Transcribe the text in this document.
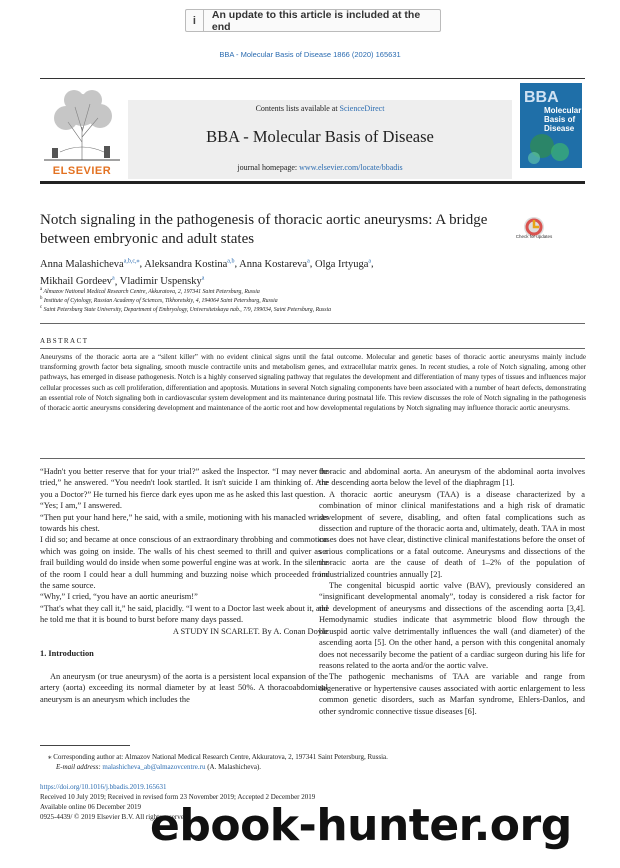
i	An update to this article is included at the end
BBA - Molecular Basis of Disease 1866 (2020) 165631
ELSEVIER
Contents lists available at ScienceDirect
BBA - Molecular Basis of Disease
journal homepage: www.elsevier.com/locate/bbadis
BBA
Molecular Basis of Disease
Notch signaling in the pathogenesis of thoracic aortic aneurysms: A bridge between embryonic and adult states	Check for updates
Anna Malashicheva$^{a,b,c,⁎}$, Aleksandra Kostina$^{a,b}$, Anna Kostareva$^a$, Olga Irtyuga$^a$,
Mikhail Gordeev$^a$, Vladimir Uspensky$^a$
$^a$ Almazov National Medical Research Centre, Akkuratova, 2, 197341 Saint Petersburg, Russia
$^b$ Institute of Cytology, Russian Academy of Sciences, Tikhoretskiy, 4, 194064 Saint Petersburg, Russia
$^c$ Saint Petersburg State University, Department of Embryology, Universitetskaya nab., 7/9, 199034, Saint Petersburg, Russia
ABSTRACT
Aneurysms of the thoracic aorta are a “silent killer” with no evident clinical signs until the fatal outcome. Molecular and genetic bases of thoracic aortic aneurysms mainly include transforming growth factor beta signaling, smooth muscle contractile units and metabolism genes, and extracellular matrix genes. In recent studies, a role of Notch signaling, among other pathways, has emerged in disease pathogenesis. Notch is a highly conserved signaling pathway that regulates the development and differentiation of many types of tissues and influences major cellular processes such as cell proliferation, differentiation and apoptosis. Mutations in several Notch signaling components have been associated with a number of heart defects, demonstrating an essential role of Notch signaling both in cardiovascular system development and its maintenance during postnatal life. This review discusses the role of Notch signaling in the pathogenesis of thoracic aortic aneurysms considering development and maintenance of the aortic root and how developmental regulations by Notch signaling may influence thoracic aortic aneurysms.

“Hadn't you better reserve that for your trial?” asked the Inspector. “I may never be tried,” he answered. “You needn't look startled. It isn't suicide I am thinking of. Are you a Doctor?” He turned his fierce dark eyes upon me as he asked this last question.

“Yes; I am,” I answered.

“Then put your hand here,” he said, with a smile, motioning with his manacled wrists towards his chest.

I did so; and became at once conscious of an extraordinary throbbing and commotion which was going on inside. The walls of his chest seemed to thrill and quiver as a frail building would do inside when some powerful engine was at work. In the silence of the room I could hear a dull humming and buzzing noise which proceeded from the same source.

“Why,” I cried, “you have an aortic aneurism!”

“That's what they call it,” he said, placidly. “I went to a Doctor last week about it, and he told me that it is bound to burst before many days passed.

A STUDY IN SCARLET. By A. Conan Doyle

1. Introduction
An aneurysm (or true aneurysm) of the aorta is a persistent local expansion of the artery (aorta) exceeding its normal diameter by at least 50%. A thoracoabdominal aneurysm is an aneurysm which includes the

thoracic and abdominal aorta. An aneurysm of the abdominal aorta involves the descending aorta below the level of the diaphragm [1].

A thoracic aortic aneurysm (TAA) is a disease characterized by a combination of minor clinical manifestations and a high risk of dramatic development of severe, disabling, and often fatal complications such as dissection and rupture of the thoracic aorta and, ultimately, death. TAA in most cases does not have clear, distinctive clinical manifestations before the onset of serious complications or a fatal outcome. Aneurysms and dissections of the thoracic aorta are the cause of death of 1–2% of the population of industrialized countries annually [2].

The congenital bicuspid aortic valve (BAV), previously considered an “insignificant developmental anomaly”, today is considered a risk factor for the development of aneurysms and dissections of the ascending aorta [3,4]. Hemodynamic studies indicate that asymmetric blood flow through the bicuspid aortic valve detrimentally influences the wall (and diameter) of the ascending aorta [5]. On the other hand, a person with this congenital anomaly does not necessarily become the patient of a cardiac surgeon during his life for reasons related to the aorta and/or the aortic valve.

The pathogenic mechanisms of TAA are variable and range from degenerative or hypertensive causes associated with aortic enlargement to less common genetic disorders, such as Marfan syndrome, Ehlers-Danlos, and other syndromic connective tissue diseases [6].

⁎ Corresponding author at: Almazov National Medical Research Centre, Akkuratova, 2, 197341 Saint Petersburg, Russia.
E-mail address: malashicheva_ab@almazovcentre.ru (A. Malashicheva).
https://doi.org/10.1016/j.bbadis.2019.165631
Received 10 July 2019; Received in revised form 23 November 2019; Accepted 2 December 2019
Available online 06 December 2019
0925-4439/ © 2019 Elsevier B.V. All rights reserved.
ebook-hunter.org
